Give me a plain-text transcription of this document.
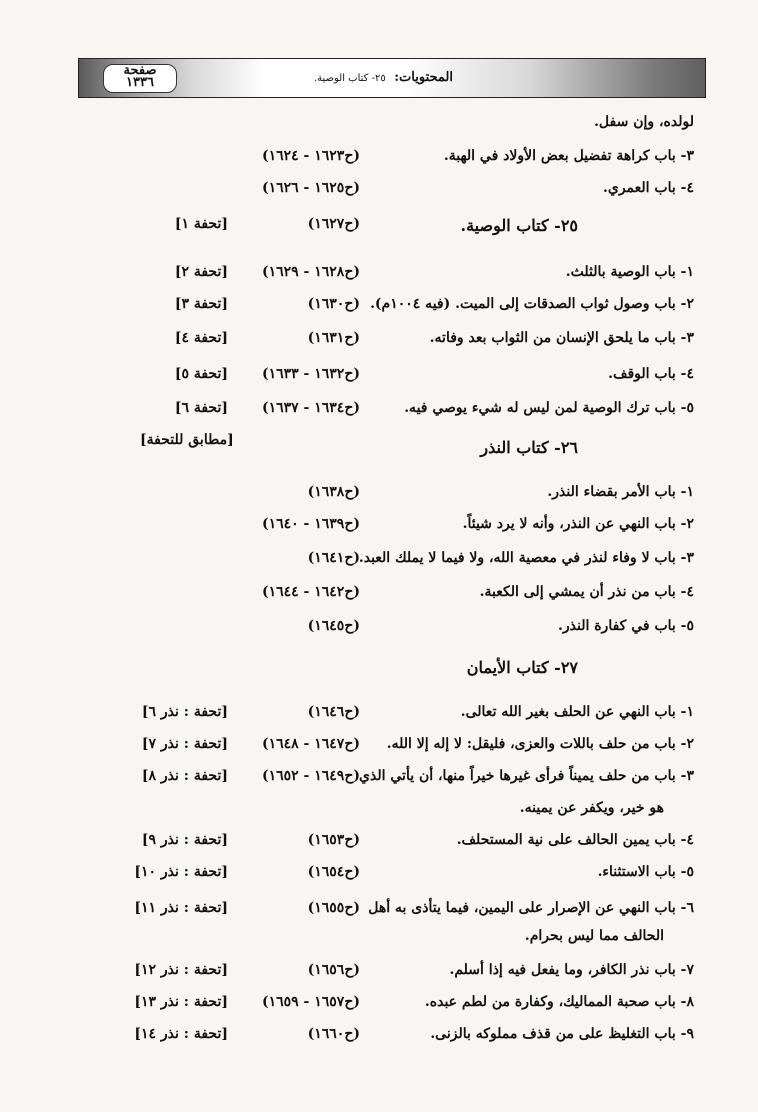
صفحة
١٣٣٦	المحتويات: ٢٥- كتاب الوصية.
لولده، وإن سفل.
٣- باب كراهة تفضيل بعض الأولاد في الهبة.
(ح١٦٢٣ - ١٦٢٤)
٤- باب العمري.
(ح١٦٢٥ - ١٦٢٦)
٢٥- كتاب الوصية.
(ح١٦٢٧)
[تحفة ١]
١- باب الوصية بالثلث.
(ح١٦٢٨ - ١٦٢٩)
[تحفة ٢]
٢- باب وصول ثواب الصدقات إلى الميت. (فيه ١٠٠٤م).
(ح١٦٣٠)
[تحفة ٣]
٣- باب ما يلحق الإنسان من الثواب بعد وفاته.
(ح١٦٣١)
[تحفة ٤]
٤- باب الوقف.
(ح١٦٣٢ - ١٦٣٣)
[تحفة ٥]
٥- باب ترك الوصية لمن ليس له شيء يوصي فيه.
(ح١٦٣٤ - ١٦٣٧)
[تحفة ٦]
٢٦- كتاب النذر
[مطابق للتحفة]
١- باب الأمر بقضاء النذر.
(ح١٦٣٨)
٢- باب النهي عن النذر، وأنه لا يرد شيئاً.
(ح١٦٣٩ - ١٦٤٠)
٣- باب لا وفاء لنذر في معصية الله، ولا فيما لا يملك العبد.
(ح١٦٤١)
٤- باب من نذر أن يمشي إلى الكعبة.
(ح١٦٤٢ - ١٦٤٤)
٥- باب في كفارة النذر.
(ح١٦٤٥)
٢٧- كتاب الأيمان
١- باب النهي عن الحلف بغير الله تعالى.
(ح١٦٤٦)
[تحفة : نذر ٦]
٢- باب من حلف باللات والعزى، فليقل: لا إله إلا الله.
(ح١٦٤٧ - ١٦٤٨)
[تحفة : نذر ٧]
٣- باب من حلف يميناً فرأى غيرها خيراً منها، أن يأتي الذي
(ح١٦٤٩ - ١٦٥٢)
[تحفة : نذر ٨]
هو خير، ويكفر عن يمينه.
٤- باب يمين الحالف على نية المستحلف.
(ح١٦٥٣)
[تحفة : نذر ٩]
٥- باب الاستثناء.
(ح١٦٥٤)
[تحفة : نذر ١٠]
٦- باب النهي عن الإصرار على اليمين، فيما يتأذى به أهل
(ح١٦٥٥)
[تحفة : نذر ١١]
الحالف مما ليس بحرام.
٧- باب نذر الكافر، وما يفعل فيه إذا أسلم.
(ح١٦٥٦)
[تحفة : نذر ١٢]
٨- باب صحبة المماليك، وكفارة من لطم عبده.
(ح١٦٥٧ - ١٦٥٩)
[تحفة : نذر ١٣]
٩- باب التغليظ على من قذف مملوكه بالزنى.
(ح١٦٦٠)
[تحفة : نذر ١٤]
